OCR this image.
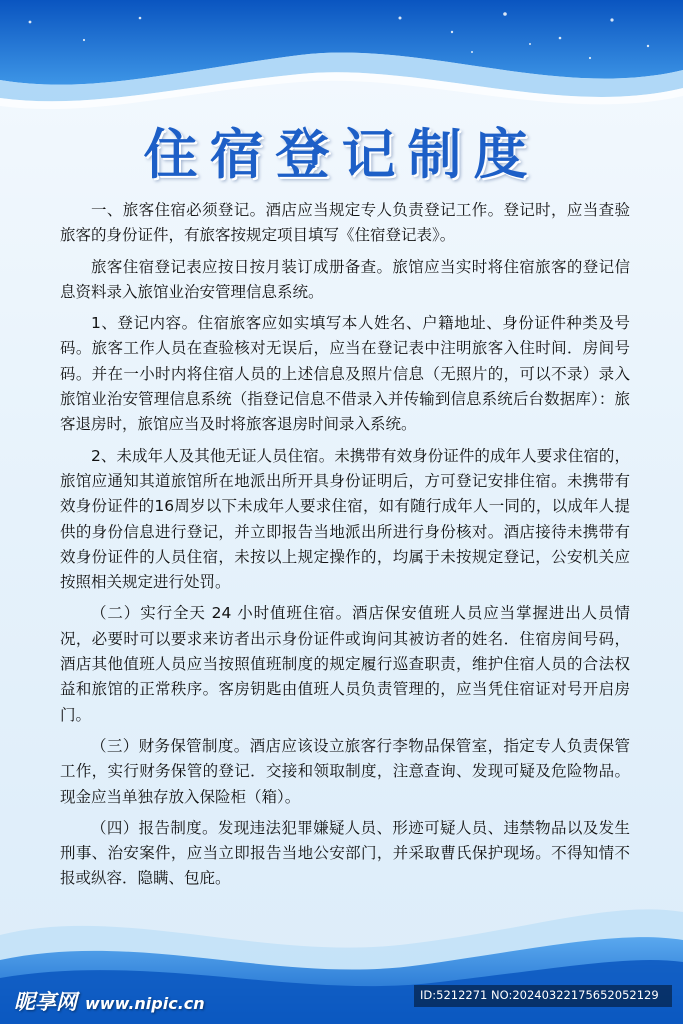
住宿登记制度

一、旅客住宿必须登记。酒店应当规定专人负责登记工作。登记时，应当查验旅客的身份证件，有旅客按规定项目填写《住宿登记表》。

旅客住宿登记表应按日按月装订成册备查。旅馆应当实时将住宿旅客的登记信息资料录入旅馆业治安管理信息系统。

1、登记内容。住宿旅客应如实填写本人姓名、户籍地址、身份证件种类及号码。旅客工作人员在查验核对无误后，应当在登记表中注明旅客入住时间．房间号码。并在一小时内将住宿人员的上述信息及照片信息（无照片的，可以不录）录入旅馆业治安管理信息系统（指登记信息不借录入并传输到信息系统后台数据库）：旅客退房时，旅馆应当及时将旅客退房时间录入系统。

2、未成年人及其他无证人员住宿。未携带有效身份证件的成年人要求住宿的，旅馆应通知其道旅馆所在地派出所开具身份证明后，方可登记安排住宿。未携带有效身份证件的16周岁以下未成年人要求住宿，如有随行成年人一同的，以成年人提供的身份信息进行登记，并立即报告当地派出所进行身份核对。酒店接待未携带有效身份证件的人员住宿，未按以上规定操作的，均属于未按规定登记，公安机关应按照相关规定进行处罚。

（二）实行全天 24 小时值班住宿。酒店保安值班人员应当掌握进出人员情况，必要时可以要求来访者出示身份证件或询问其被访者的姓名．住宿房间号码，酒店其他值班人员应当按照值班制度的规定履行巡查职责，维护住宿人员的合法权益和旅馆的正常秩序。客房钥匙由值班人员负责管理的，应当凭住宿证对号开启房门。

（三）财务保管制度。酒店应该设立旅客行李物品保管室，指定专人负责保管工作，实行财务保管的登记．交接和领取制度，注意查询、发现可疑及危险物品。现金应当单独存放入保险柜（箱）。

（四）报告制度。发现违法犯罪嫌疑人员、形迹可疑人员、违禁物品以及发生刑事、治安案件，应当立即报告当地公安部门，并采取曹氏保护现场。不得知情不报或纵容．隐瞒、包庇。

昵享网 www.nipic.cn	ID:5212271 NO:20240322175652052129
